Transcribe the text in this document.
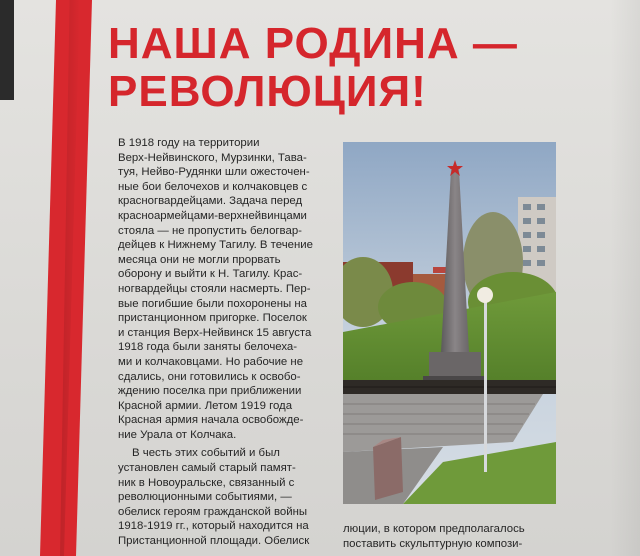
НАША РОДИНА —
РЕВОЛЮЦИЯ!

В 1918 году на территории
Верх-Нейвинского, Мурзинки, Тава-
туя, Нейво-Рудянки шли ожесточен-
ные бои белочехов и колчаковцев с
красногвардейцами. Задача перед
красноармейцами-верхнейвинцами
стояла — не пропустить белогвар-
дейцев к Нижнему Тагилу. В течение
месяца они не могли прорвать
оборону и выйти к Н. Тагилу. Крас-
ногвардейцы стояли насмерть. Пер-
вые погибшие были похоронены на
пристанционном пригорке. Поселок
и станция Верх-Нейвинск 15 августа
1918 года были заняты белочеха-
ми и колчаковцами. Но рабочие не
сдались, они готовились к освобо-
ждению поселка при приближении
Красной армии. Летом 1919 года
Красная армия начала освобожде-
ние Урала от Колчака.

В честь этих событий и был
установлен самый старый памят-
ник в Новоуральске, связанный с
революционными событиями, —
обелиск героям гражданской войны
1918-1919 гг., который находится на
Пристанционной площади. Обелиск

люции, в котором предполагалось
поставить скульптурную компози-
